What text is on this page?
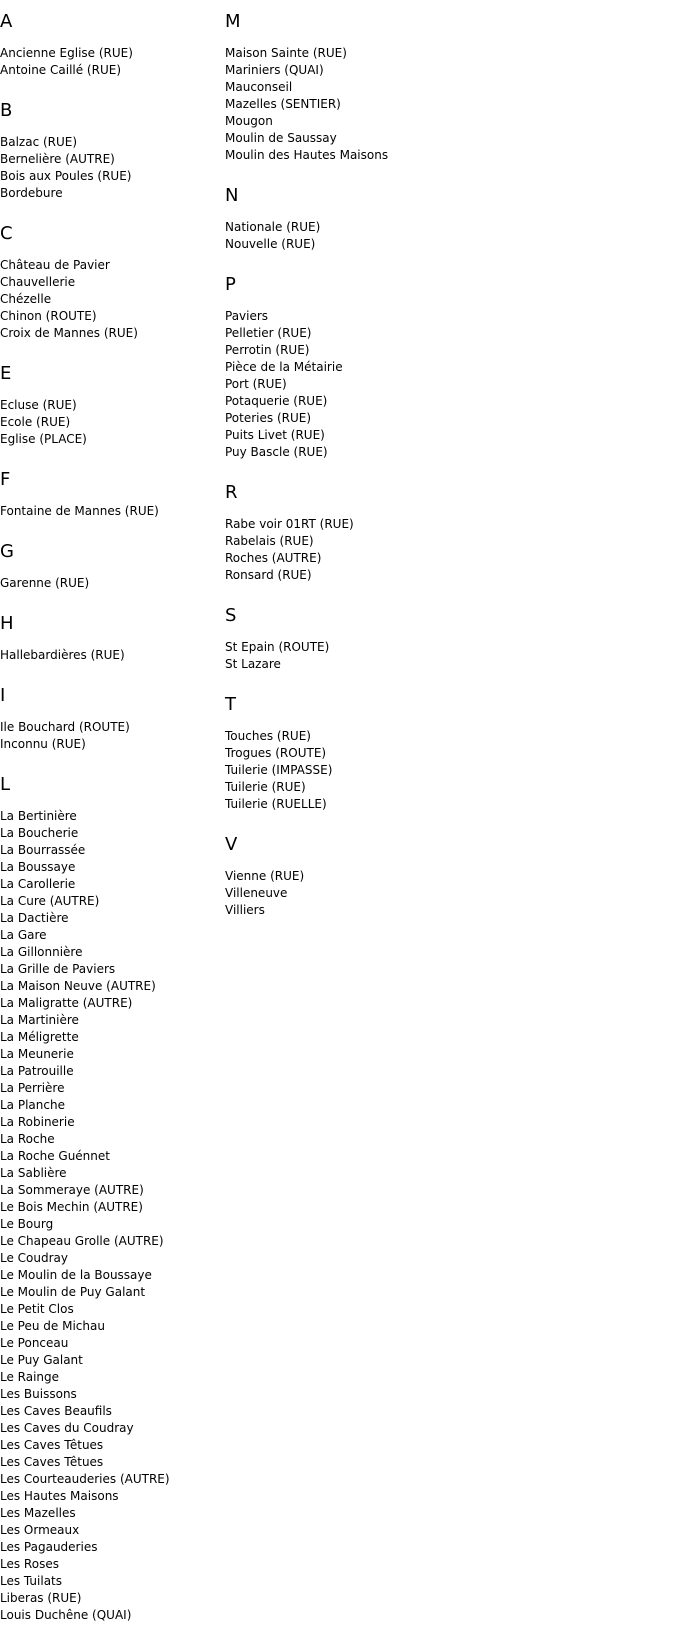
A
Ancienne Eglise (RUE)
Antoine Caillé (RUE)
B
Balzac (RUE)
Bernelière (AUTRE)
Bois aux Poules (RUE)
Bordebure
C
Château de Pavier
Chauvellerie
Chézelle
Chinon (ROUTE)
Croix de Mannes (RUE)
E
Ecluse (RUE)
Ecole (RUE)
Eglise (PLACE)
F
Fontaine de Mannes (RUE)
G
Garenne (RUE)
H
Hallebardières (RUE)
I
Ile Bouchard (ROUTE)
Inconnu (RUE)
L
La Bertinière
La Boucherie
La Bourrassée
La Boussaye
La Carollerie
La Cure (AUTRE)
La Dactière
La Gare
La Gillonnière
La Grille de Paviers
La Maison Neuve (AUTRE)
La Maligratte (AUTRE)
La Martinière
La Méligrette
La Meunerie
La Patrouille
La Perrière
La Planche
La Robinerie
La Roche
La Roche Guénnet
La Sablière
La Sommeraye (AUTRE)
Le Bois Mechin (AUTRE)
Le Bourg
Le Chapeau Grolle (AUTRE)
Le Coudray
Le Moulin de la Boussaye
Le Moulin de Puy Galant
Le Petit Clos
Le Peu de Michau
Le Ponceau
Le Puy Galant
Le Rainge
Les Buissons
Les Caves Beaufils
Les Caves du Coudray
Les Caves Têtues
Les Caves Têtues
Les Courteauderies (AUTRE)
Les Hautes Maisons
Les Mazelles
Les Ormeaux
Les Pagauderies
Les Roses
Les Tuilats
Liberas (RUE)
Louis Duchêne (QUAI)
M
Maison Sainte (RUE)
Mariniers (QUAI)
Mauconseil
Mazelles (SENTIER)
Mougon
Moulin de Saussay
Moulin des Hautes Maisons
N
Nationale (RUE)
Nouvelle (RUE)
P
Paviers
Pelletier (RUE)
Perrotin (RUE)
Pièce de la Métairie
Port (RUE)
Potaquerie (RUE)
Poteries (RUE)
Puits Livet (RUE)
Puy Bascle (RUE)
R
Rabe voir 01RT (RUE)
Rabelais (RUE)
Roches (AUTRE)
Ronsard (RUE)
S
St Epain (ROUTE)
St Lazare
T
Touches (RUE)
Trogues (ROUTE)
Tuilerie (IMPASSE)
Tuilerie (RUE)
Tuilerie (RUELLE)
V
Vienne (RUE)
Villeneuve
Villiers
